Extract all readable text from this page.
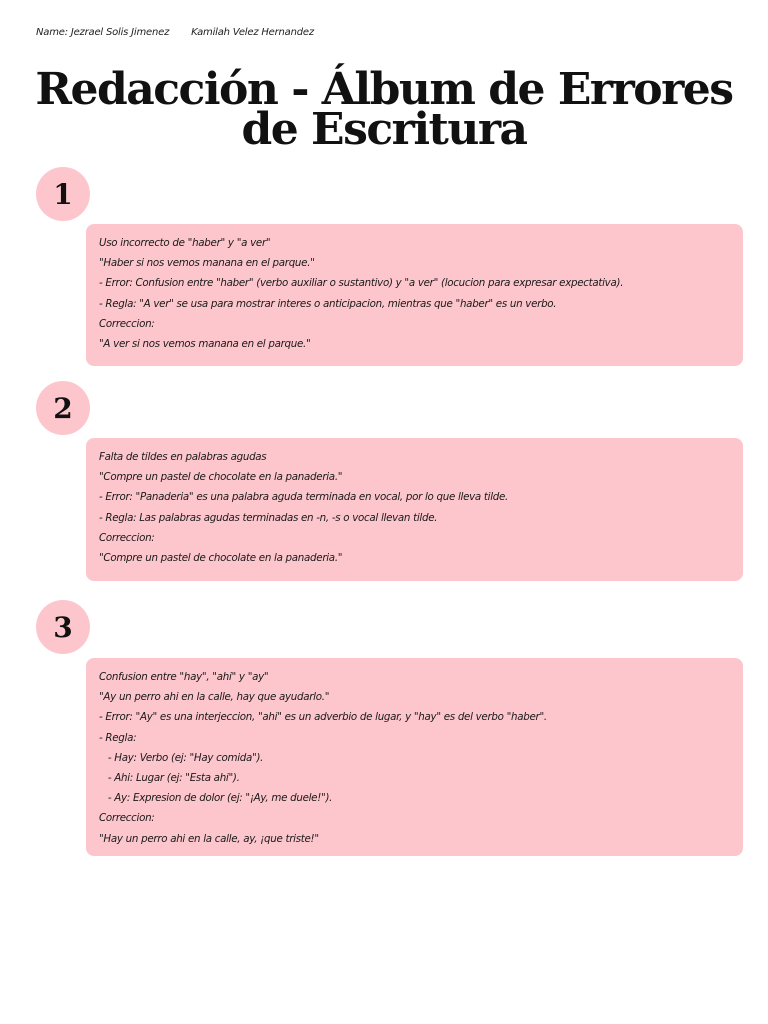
Name: Jezrael Solis Jimenez Kamilah Velez Hernandez
Redacción - Álbum de Errores
de Escritura
1
Uso incorrecto de "haber" y "a ver"
"Haber si nos vemos manana en el parque."
- Error: Confusion entre "haber" (verbo auxiliar o sustantivo) y "a ver" (locucion para expresar expectativa).
- Regla: "A ver" se usa para mostrar interes o anticipacion, mientras que "haber" es un verbo.
Correccion:
"A ver si nos vemos manana en el parque."
2
Falta de tildes en palabras agudas
"Compre un pastel de chocolate en la panaderia."
- Error: "Panaderia" es una palabra aguda terminada en vocal, por lo que lleva tilde.
- Regla: Las palabras agudas terminadas en -n, -s o vocal llevan tilde.
Correccion:
"Compre un pastel de chocolate en la panaderia."
3
Confusion entre "hay", "ahi" y "ay"
"Ay un perro ahi en la calle, hay que ayudarlo."
- Error: "Ay" es una interjeccion, "ahi" es un adverbio de lugar, y "hay" es del verbo "haber".
- Regla:
- Hay: Verbo (ej: "Hay comida").
- Ahi: Lugar (ej: "Esta ahi").
- Ay: Expresion de dolor (ej: "¡Ay, me duele!").
Correccion:
"Hay un perro ahi en la calle, ay, ¡que triste!"
